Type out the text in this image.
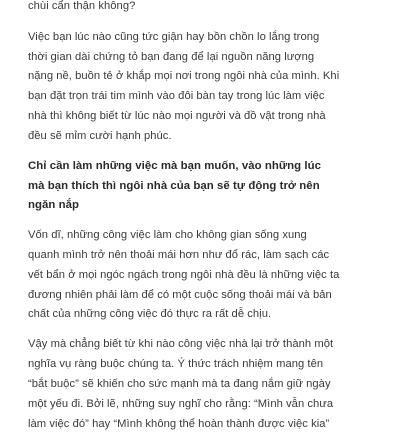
chùi cẩn thận không?
Việc bạn lúc nào cũng tức giận hay bồn chồn lo lắng trong
thời gian dài chứng tỏ bạn đang để lại nguồn năng lượng
nặng nề, buồn tẻ ở khắp mọi nơi trong ngôi nhà của mình. Khi
bạn đặt trọn trái tim mình vào đôi bàn tay trong lúc làm việc
nhà thì không biết từ lúc nào mọi người và đồ vật trong nhà
đều sẽ mỉm cười hạnh phúc.
Chỉ cần làm những việc mà bạn muốn, vào những lúc
mà bạn thích thì ngôi nhà của bạn sẽ tự động trở nên
ngăn nắp
Vốn dĩ, những công việc làm cho không gian sống xung
quanh mình trở nên thoải mái hơn như đổ rác, làm sạch các
vết bẩn ở mọi ngóc ngách trong ngôi nhà đều là những việc ta
đương nhiên phải làm để có một cuộc sống thoải mái và bản
chất của những công việc đó thực ra rất dễ chịu.
Vậy mà chẳng biết từ khi nào công việc nhà lại trở thành một
nghĩa vụ ràng buộc chúng ta. Ý thức trách nhiệm mang tên
“bắt buộc” sẽ khiến cho sức mạnh mà ta đang nắm giữ ngày
một yếu đi. Bởi lẽ, những suy nghĩ cho rằng: “Mình vẫn chưa
làm việc đó” hay “Mình không thể hoàn thành được việc kia”
